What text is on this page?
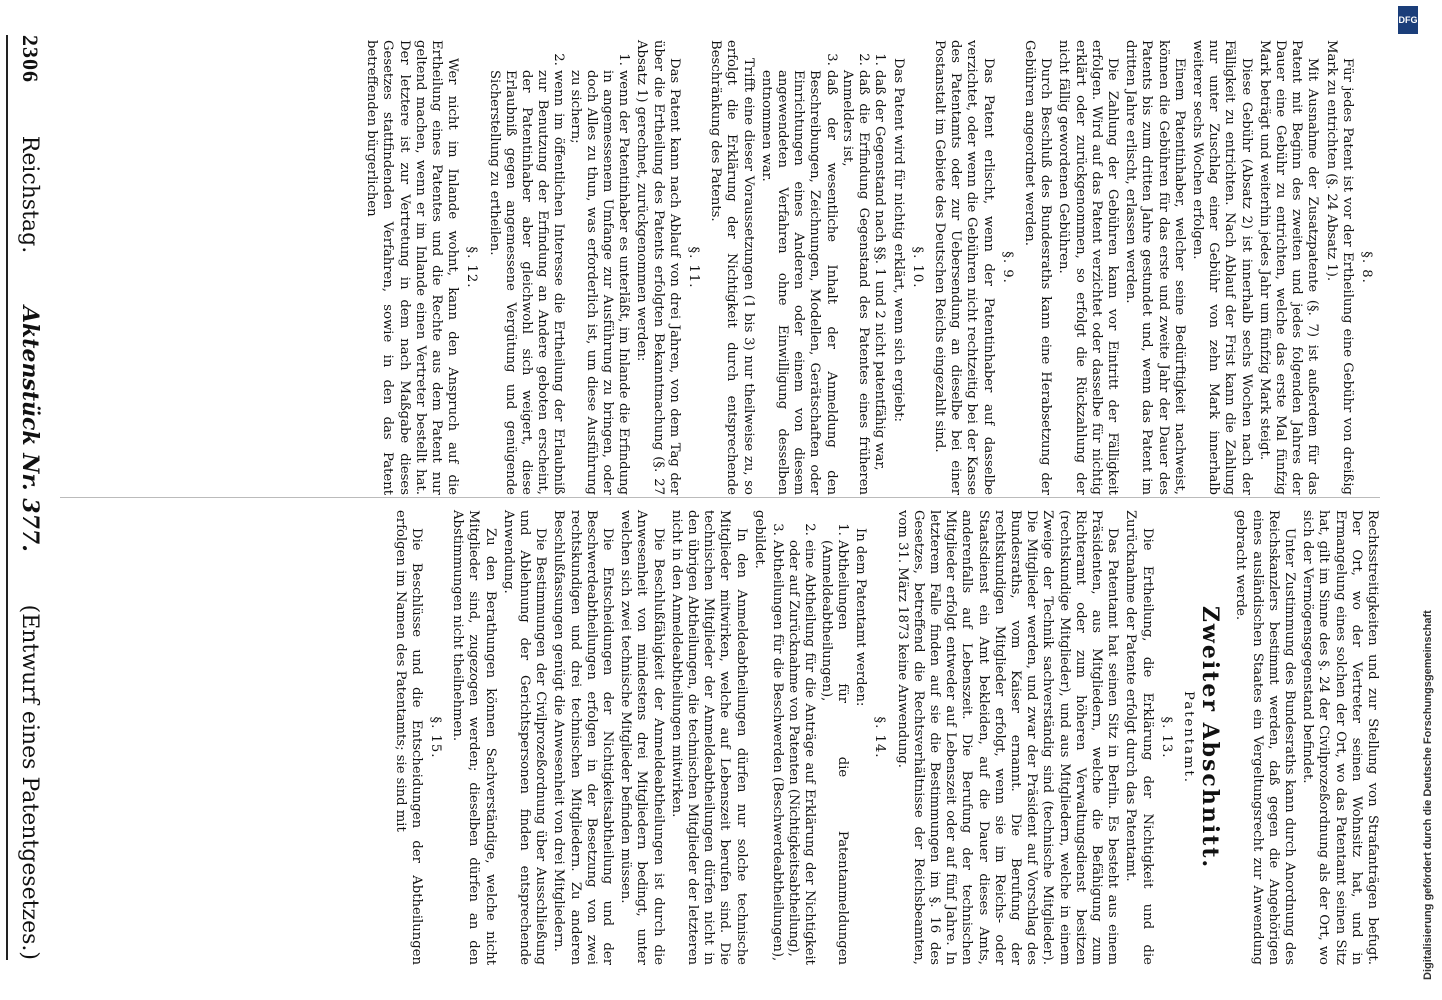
§. 8.

Für jedes Patent ist vor der Ertheilung eine Gebühr von dreißig Mark zu entrichten (§. 24 Absatz 1).

Mit Ausnahme der Zusatzpatente (§. 7) ist außerdem für das Patent mit Beginn des zweiten und jedes folgenden Jahres der Dauer eine Gebühr zu entrichten, welche das erste Mal fünfzig Mark beträgt und weiterhin jedes Jahr um fünfzig Mark steigt.

Diese Gebühr (Absatz 2) ist innerhalb sechs Wochen nach der Fälligkeit zu entrichten. Nach Ablauf der Frist kann die Zahlung nur unter Zuschlag einer Gebühr von zehn Mark innerhalb weiterer sechs Wochen erfolgen.

Einem Patentinhaber, welcher seine Bedürftigkeit nachweist, können die Gebühren für das erste und zweite Jahr der Dauer des Patents bis zum dritten Jahre gestundet und, wenn das Patent im dritten Jahre erlischt, erlassen werden.

Die Zahlung der Gebühren kann vor Eintritt der Fälligkeit erfolgen. Wird auf das Patent verzichtet oder dasselbe für nichtig erklärt oder zurückgenommen, so erfolgt die Rückzahlung der nicht fällig gewordenen Gebühren.

Durch Beschluß des Bundesraths kann eine Herabsetzung der Gebühren angeordnet werden.

§. 9.

Das Patent erlischt, wenn der Patentinhaber auf dasselbe verzichtet, oder wenn die Gebühren nicht rechtzeitig bei der Kasse des Patentamts oder zur Uebersendung an dieselbe bei einer Postanstalt im Gebiete des Deutschen Reichs eingezahlt sind.

§. 10.

Das Patent wird für nichtig erklärt, wenn sich ergiebt:

1. daß der Gegenstand nach §§. 1 und 2 nicht patentfähig war,
2. daß die Erfindung Gegenstand des Patentes eines früheren Anmelders ist,
3. daß der wesentliche Inhalt der Anmeldung den Beschreibungen, Zeichnungen, Modellen, Gerätschaften oder Einrichtungen eines Anderen oder einem von diesem angewendeten Verfahren ohne Einwilligung desselben entnommen war.

Trifft eine dieser Voraussetzungen (1 bis 3) nur theilweise zu, so erfolgt die Erklärung der Nichtigkeit durch entsprechende Beschränkung des Patents.

§. 11.

Das Patent kann nach Ablauf von drei Jahren, von dem Tag der über die Ertheilung des Patents erfolgten Bekanntmachung (§. 27 Absatz 1) gerechnet, zurückgenommen werden:

1. wenn der Patentinhaber es unterläßt, im Inlande die Erfindung in angemessenem Umfange zur Ausführung zu bringen, oder doch Alles zu thun, was erforderlich ist, um diese Ausführung zu sichern;
2. wenn im öffentlichen Interesse die Ertheilung der Erlaubniß zur Benutzung der Erfindung an Andere geboten erscheint, der Patentinhaber aber gleichwohl sich weigert, diese Erlaubniß gegen angemessene Vergütung und genügende Sicherstellung zu ertheilen.

§. 12.

Wer nicht im Inlande wohnt, kann den Anspruch auf die Ertheilung eines Patentes und die Rechte aus dem Patent nur geltend machen, wenn er im Inlande einen Vertreter bestellt hat. Der letztere ist zur Vertretung in dem nach Maßgabe dieses Gesetzes stattfindenden Verfahren, sowie in den das Patent betreffenden bürgerlichen

Rechtsstreitigkeiten und zur Stellung von Strafanträgen befugt. Der Ort, wo der Vertreter seinen Wohnsitz hat, und in Ermangelung eines solchen der Ort, wo das Patentamt seinen Sitz hat, gilt im Sinne des §. 24 der Civilprozeßordnung als der Ort, wo sich der Vermögensgegenstand befindet.

Unter Zustimmung des Bundesraths kann durch Anordnung des Reichskanzlers bestimmt werden, daß gegen die Angehörigen eines ausländischen Staates ein Vergeltungsrecht zur Anwendung gebracht werde.

Zweiter Abschnitt.

Patentamt.

§. 13.

Die Ertheilung, die Erklärung der Nichtigkeit und die Zurücknahme der Patente erfolgt durch das Patentamt.

Das Patentamt hat seinen Sitz in Berlin. Es besteht aus einem Präsidenten, aus Mitgliedern, welche die Befähigung zum Richteramt oder zum höheren Verwaltungsdienst besitzen (rechtskundige Mitglieder), und aus Mitgliedern, welche in einem Zweige der Technik sachverständig sind (technische Mitglieder). Die Mitglieder werden, und zwar der Präsident auf Vorschlag des Bundesraths, vom Kaiser ernannt. Die Berufung der rechtskundigen Mitglieder erfolgt, wenn sie im Reichs- oder Staatsdienst ein Amt bekleiden, auf die Dauer dieses Amts, anderenfalls auf Lebenszeit. Die Berufung der technischen Mitglieder erfolgt entweder auf Lebenszeit oder auf fünf Jahre. In letzterem Falle finden auf sie die Bestimmungen im §. 16 des Gesetzes, betreffend die Rechtsverhältnisse der Reichsbeamten, vom 31. März 1873 keine Anwendung.

§. 14.

In dem Patentamt werden:

1. Abtheilungen für die Patentanmeldungen (Anmeldeabtheilungen),
2. eine Abtheilung für die Anträge auf Erklärung der Nichtigkeit oder auf Zurücknahme von Patenten (Nichtigkeitsabtheilung),
3. Abtheilungen für die Beschwerden (Beschwerdeabtheilungen),

gebildet.

In den Anmeldeabtheilungen dürfen nur solche technische Mitglieder mitwirken, welche auf Lebenszeit berufen sind. Die technischen Mitglieder der Anmeldeabtheilungen dürfen nicht in den übrigen Abtheilungen, die technischen Mitglieder der letzteren nicht in den Anmeldeabtheilungen mitwirken.

Die Beschlußfähigkeit der Anmeldeabtheilungen ist durch die Anwesenheit von mindestens drei Mitgliedern bedingt, unter welchen sich zwei technische Mitglieder befinden müssen.

Die Entscheidungen der Nichtigkeitsabtheilung und der Beschwerdeabtheilungen erfolgen in der Besetzung von zwei rechtskundigen und drei technischen Mitgliedern. Zu anderen Beschlußfassungen genügt die Anwesenheit von drei Mitgliedern.

Die Bestimmungen der Civilprozeßordnung über Ausschließung und Ablehnung der Gerichtspersonen finden entsprechende Anwendung.

Zu den Berathungen können Sachverständige, welche nicht Mitglieder sind, zugezogen werden; dieselben dürfen an den Abstimmungen nicht theilnehmen.

§. 15.

Die Beschlüsse und die Entscheidungen der Abtheilungen erfolgen im Namen des Patentamts; sie sind mit

2306
Reichstag.
Aktenstück Nr. 377.
(Entwurf eines Patentgesetzes.)
DFG
Digitalisierung gefördert durch die Deutsche Forschungsgemeinschaft
